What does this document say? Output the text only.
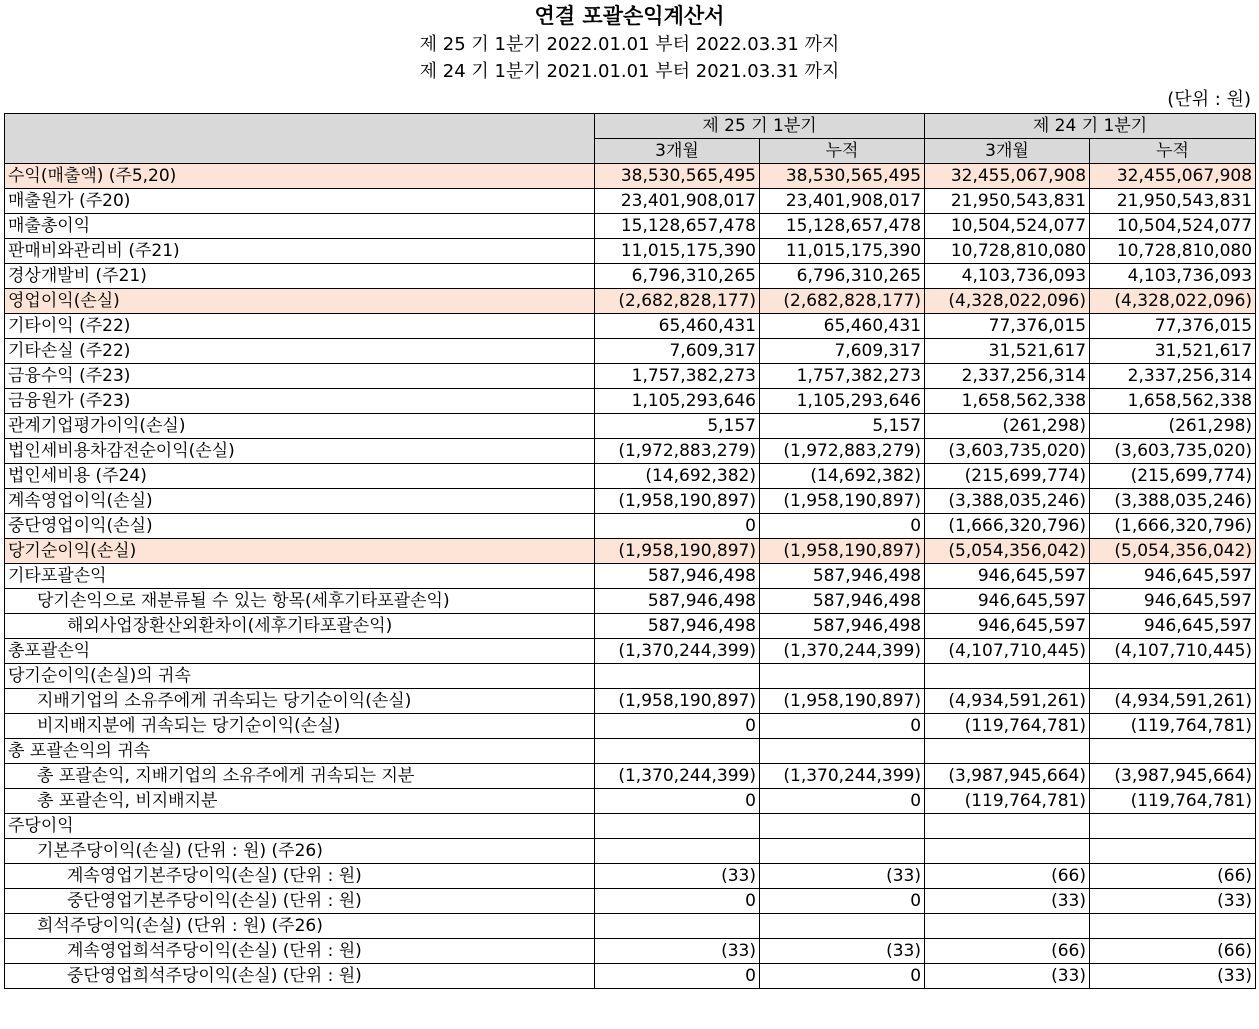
연결 포괄손익계산서
제 25 기 1분기 2022.01.01 부터 2022.03.31 까지
제 24 기 1분기 2021.01.01 부터 2021.03.31 까지
(단위 : 원)
	제 25 기 1분기		제 24 기 1분기	
	3개월	누적	3개월	누적
수익(매출액) (주5,20)	38,530,565,495	38,530,565,495	32,455,067,908	32,455,067,908
매출원가 (주20)	23,401,908,017	23,401,908,017	21,950,543,831	21,950,543,831
매출총이익	15,128,657,478	15,128,657,478	10,504,524,077	10,504,524,077
판매비와관리비 (주21)	11,015,175,390	11,015,175,390	10,728,810,080	10,728,810,080
경상개발비 (주21)	6,796,310,265	6,796,310,265	4,103,736,093	4,103,736,093
영업이익(손실)	(2,682,828,177)	(2,682,828,177)	(4,328,022,096)	(4,328,022,096)
기타이익 (주22)	65,460,431	65,460,431	77,376,015	77,376,015
기타손실 (주22)	7,609,317	7,609,317	31,521,617	31,521,617
금융수익 (주23)	1,757,382,273	1,757,382,273	2,337,256,314	2,337,256,314
금융원가 (주23)	1,105,293,646	1,105,293,646	1,658,562,338	1,658,562,338
관계기업평가이익(손실)	5,157	5,157	(261,298)	(261,298)
법인세비용차감전순이익(손실)	(1,972,883,279)	(1,972,883,279)	(3,603,735,020)	(3,603,735,020)
법인세비용 (주24)	(14,692,382)	(14,692,382)	(215,699,774)	(215,699,774)
계속영업이익(손실)	(1,958,190,897)	(1,958,190,897)	(3,388,035,246)	(3,388,035,246)
중단영업이익(손실)	0	0	(1,666,320,796)	(1,666,320,796)
당기순이익(손실)	(1,958,190,897)	(1,958,190,897)	(5,054,356,042)	(5,054,356,042)
기타포괄손익	587,946,498	587,946,498	946,645,597	946,645,597
당기손익으로 재분류될 수 있는 항목(세후기타포괄손익)	587,946,498	587,946,498	946,645,597	946,645,597
해외사업장환산외환차이(세후기타포괄손익)	587,946,498	587,946,498	946,645,597	946,645,597
총포괄손익	(1,370,244,399)	(1,370,244,399)	(4,107,710,445)	(4,107,710,445)
당기순이익(손실)의 귀속				
지배기업의 소유주에게 귀속되는 당기순이익(손실)	(1,958,190,897)	(1,958,190,897)	(4,934,591,261)	(4,934,591,261)
비지배지분에 귀속되는 당기순이익(손실)	0	0	(119,764,781)	(119,764,781)
총 포괄손익의 귀속				
총 포괄손익, 지배기업의 소유주에게 귀속되는 지분	(1,370,244,399)	(1,370,244,399)	(3,987,945,664)	(3,987,945,664)
총 포괄손익, 비지배지분	0	0	(119,764,781)	(119,764,781)
주당이익				
기본주당이익(손실) (단위 : 원) (주26)				
계속영업기본주당이익(손실) (단위 : 원)	(33)	(33)	(66)	(66)
중단영업기본주당이익(손실) (단위 : 원)	0	0	(33)	(33)
희석주당이익(손실) (단위 : 원) (주26)				
계속영업희석주당이익(손실) (단위 : 원)	(33)	(33)	(66)	(66)
중단영업희석주당이익(손실) (단위 : 원)	0	0	(33)	(33)
